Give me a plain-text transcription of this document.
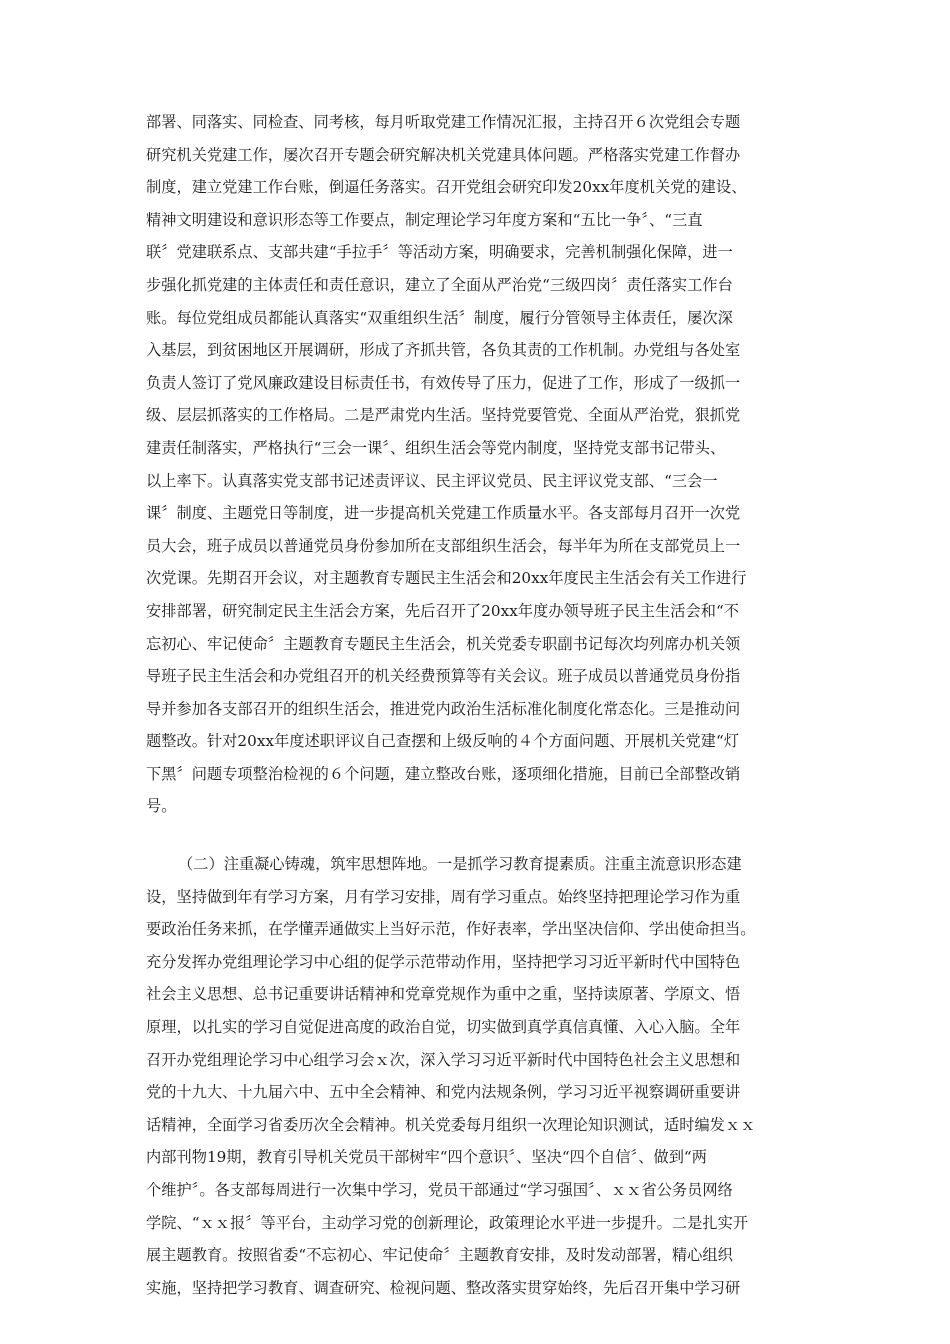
部署、同落实、同检查、同考核，每月听取党建工作情况汇报，主持召开６次党组会专题
研究机关党建工作，屡次召开专题会研究解决机关党建具体问题。严格落实党建工作督办
制度，建立党建工作台账，倒逼任务落实。召开党组会研究印发20xx年度机关党的建设、
精神文明建设和意识形态等工作要点，制定理论学习年度方案和“五比一争〞、“三直
联〞党建联系点、支部共建“手拉手〞等活动方案，明确要求，完善机制强化保障，进一
步强化抓党建的主体责任和责任意识，建立了全面从严治党“三级四岗〞责任落实工作台
账。每位党组成员都能认真落实“双重组织生活〞制度，履行分管领导主体责任，屡次深
入基层，到贫困地区开展调研，形成了齐抓共管，各负其责的工作机制。办党组与各处室
负责人签订了党风廉政建设目标责任书，有效传导了压力，促进了工作，形成了一级抓一
级、层层抓落实的工作格局。二是严肃党内生活。坚持党要管党、全面从严治党，狠抓党
建责任制落实，严格执行“三会一课〞、组织生活会等党内制度，坚持党支部书记带头、
以上率下。认真落实党支部书记述责评议、民主评议党员、民主评议党支部、“三会一
课〞制度、主题党日等制度，进一步提高机关党建工作质量水平。各支部每月召开一次党
员大会，班子成员以普通党员身份参加所在支部组织生活会，每半年为所在支部党员上一
次党课。先期召开会议，对主题教育专题民主生活会和20xx年度民主生活会有关工作进行
安排部署，研究制定民主生活会方案，先后召开了20xx年度办领导班子民主生活会和“不
忘初心、牢记使命〞主题教育专题民主生活会，机关党委专职副书记每次均列席办机关领
导班子民主生活会和办党组召开的机关经费预算等有关会议。班子成员以普通党员身份指
导并参加各支部召开的组织生活会，推进党内政治生活标准化制度化常态化。三是推动问
题整改。针对20xx年度述职评议自己查摆和上级反响的４个方面问题、开展机关党建“灯
下黑〞问题专项整治检视的６个问题，建立整改台账，逐项细化措施，目前已全部整改销
号。
（二）注重凝心铸魂，筑牢思想阵地。一是抓学习教育提素质。注重主流意识形态建
设，坚持做到年有学习方案，月有学习安排，周有学习重点。始终坚持把理论学习作为重
要政治任务来抓，在学懂弄通做实上当好示范，作好表率，学出坚决信仰、学出使命担当。
充分发挥办党组理论学习中心组的促学示范带动作用，坚持把学习习近平新时代中国特色
社会主义思想、总书记重要讲话精神和党章党规作为重中之重，坚持读原著、学原文、悟
原理，以扎实的学习自觉促进高度的政治自觉，切实做到真学真信真懂、入心入脑。全年
召开办党组理论学习中心组学习会ｘ次，深入学习习近平新时代中国特色社会主义思想和
党的十九大、十九届六中、五中全会精神、和党内法规条例，学习习近平视察调研重要讲
话精神，全面学习省委历次全会精神。机关党委每月组织一次理论知识测试，适时编发ｘｘ
内部刊物19期，教育引导机关党员干部树牢“四个意识〞、坚决“四个自信〞、做到“两
个维护〞。各支部每周进行一次集中学习，党员干部通过“学习强国〞、ｘｘ省公务员网络
学院、“ｘｘ报〞等平台，主动学习党的创新理论，政策理论水平进一步提升。二是扎实开
展主题教育。按照省委“不忘初心、牢记使命〞主题教育安排，及时发动部署，精心组织
实施，坚持把学习教育、调查研究、检视问题、整改落实贯穿始终，先后召开集中学习研
